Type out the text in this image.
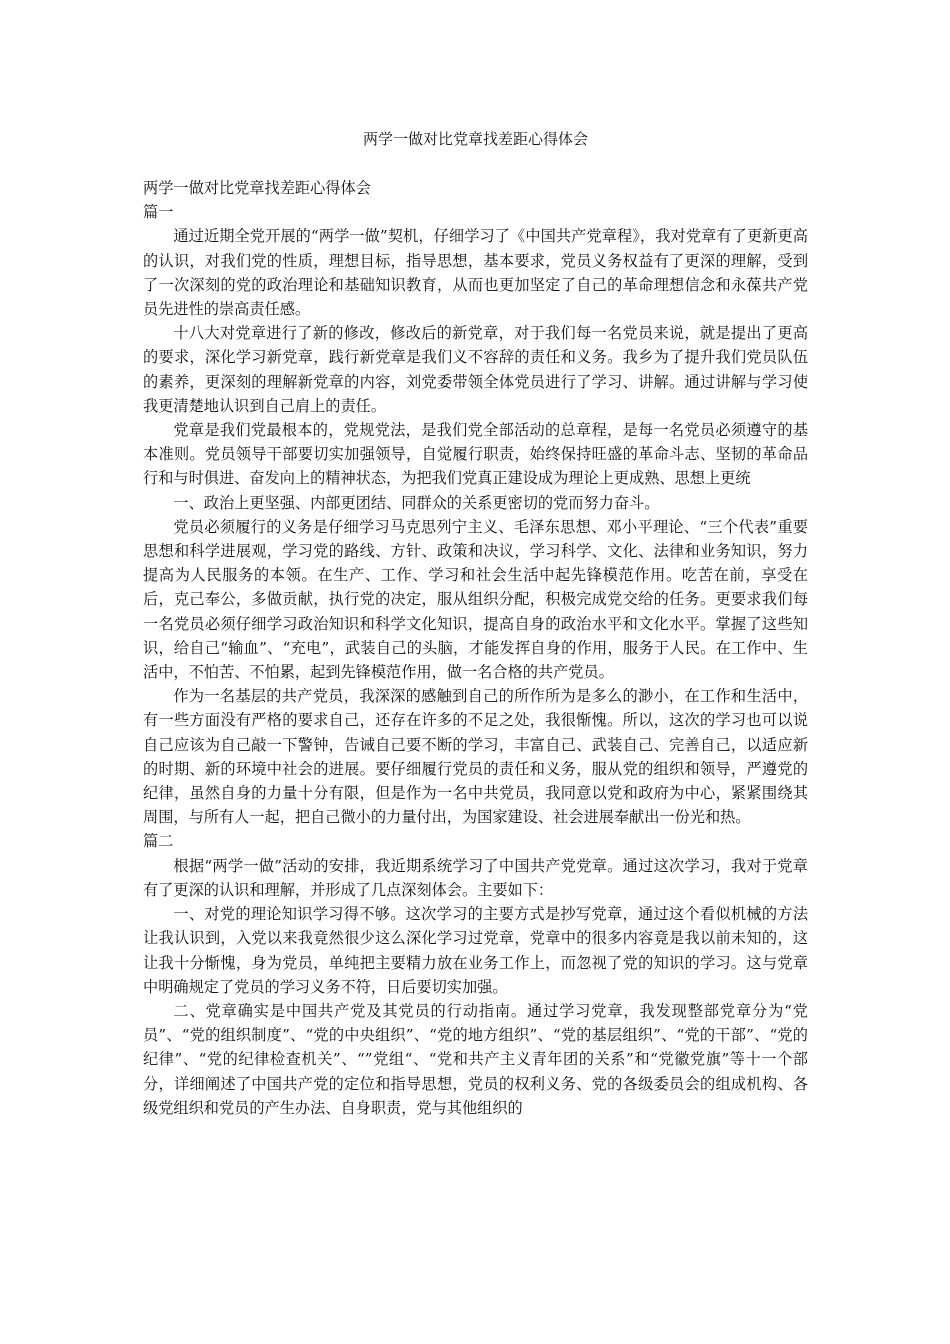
两学一做对比党章找差距心得体会

两学一做对比党章找差距心得体会

篇一

通过近期全党开展的“两学一做”契机，仔细学习了《中国共产党章程》，我对党章有了更新更高的认识，对我们党的性质，理想目标，指导思想，基本要求，党员义务权益有了更深的理解，受到了一次深刻的党的政治理论和基础知识教育，从而也更加坚定了自己的革命理想信念和永葆共产党员先进性的崇高责任感。

十八大对党章进行了新的修改，修改后的新党章，对于我们每一名党员来说，就是提出了更高的要求，深化学习新党章，践行新党章是我们义不容辞的责任和义务。我乡为了提升我们党员队伍的素养，更深刻的理解新党章的内容，刘党委带领全体党员进行了学习、讲解。通过讲解与学习使我更清楚地认识到自己肩上的责任。

党章是我们党最根本的，党规党法，是我们党全部活动的总章程，是每一名党员必须遵守的基本准则。党员领导干部要切实加强领导，自觉履行职责，始终保持旺盛的革命斗志、坚韧的革命品行和与时俱进、奋发向上的精神状态，为把我们党真正建设成为理论上更成熟、思想上更统

一、政治上更坚强、内部更团结、同群众的关系更密切的党而努力奋斗。

党员必须履行的义务是仔细学习马克思列宁主义、毛泽东思想、邓小平理论、“三个代表”重要思想和科学进展观，学习党的路线、方针、政策和决议，学习科学、文化、法律和业务知识，努力提高为人民服务的本领。在生产、工作、学习和社会生活中起先锋模范作用。吃苦在前，享受在后，克己奉公，多做贡献，执行党的决定，服从组织分配，积极完成党交给的任务。更要求我们每一名党员必须仔细学习政治知识和科学文化知识，提高自身的政治水平和文化水平。掌握了这些知识，给自己“输血”、“充电”，武装自己的头脑，才能发挥自身的作用，服务于人民。在工作中、生活中，不怕苦、不怕累，起到先锋模范作用，做一名合格的共产党员。

作为一名基层的共产党员，我深深的感触到自己的所作所为是多么的渺小，在工作和生活中，有一些方面没有严格的要求自己，还存在许多的不足之处，我很惭愧。所以，这次的学习也可以说自己应该为自己敲一下警钟，告诫自己要不断的学习，丰富自己、武装自己、完善自己，以适应新的时期、新的环境中社会的进展。要仔细履行党员的责任和义务，服从党的组织和领导，严遵党的纪律，虽然自身的力量十分有限，但是作为一名中共党员，我同意以党和政府为中心，紧紧围绕其周围，与所有人一起，把自己微小的力量付出，为国家建设、社会进展奉献出一份光和热。

篇二

根据“两学一做”活动的安排，我近期系统学习了中国共产党党章。通过这次学习，我对于党章有了更深的认识和理解，并形成了几点深刻体会。主要如下：

一、对党的理论知识学习得不够。这次学习的主要方式是抄写党章，通过这个看似机械的方法让我认识到，入党以来我竟然很少这么深化学习过党章，党章中的很多内容竟是我以前未知的，这让我十分惭愧，身为党员，单纯把主要精力放在业务工作上，而忽视了党的知识的学习。这与党章中明确规定了党员的学习义务不符，日后要切实加强。

二、党章确实是中国共产党及其党员的行动指南。通过学习党章，我发现整部党章分为“党员”、“党的组织制度”、“党的中央组织”、“党的地方组织”、“党的基层组织”、“党的干部”、“党的纪律”、“党的纪律检查机关”、“”党组“、“党和共产主义青年团的关系”和“党徽党旗”等十一个部分，详细阐述了中国共产党的定位和指导思想，党员的权利义务、党的各级委员会的组成机构、各级党组织和党员的产生办法、自身职责，党与其他组织的
